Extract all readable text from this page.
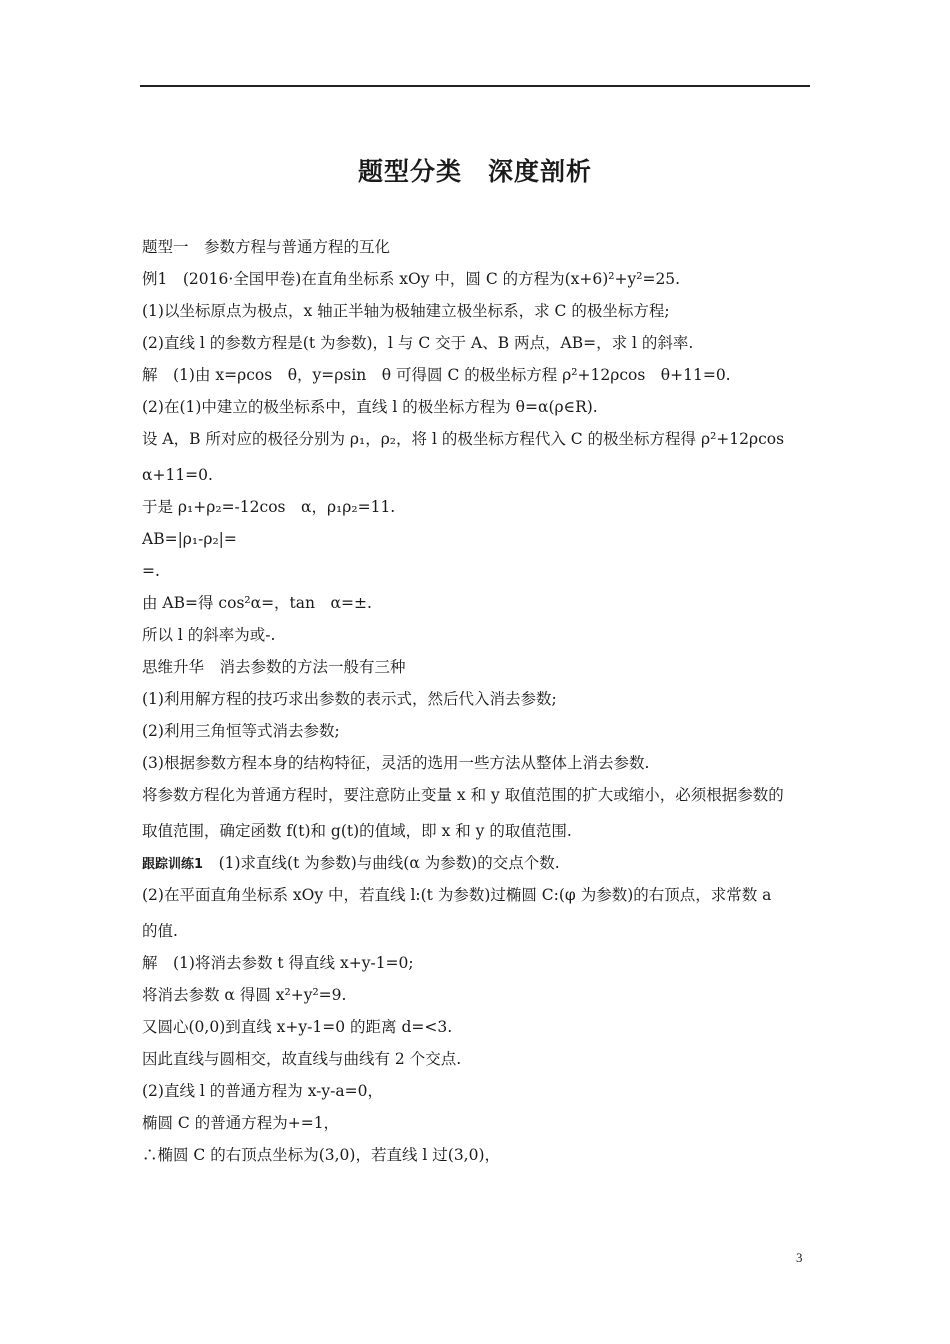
题型分类　深度剖析
题型一　参数方程与普通方程的互化
例1　(2016·全国甲卷)在直角坐标系 xOy 中，圆 C 的方程为(x+6)²+y²=25.
(1)以坐标原点为极点，x 轴正半轴为极轴建立极坐标系，求 C 的极坐标方程;
(2)直线 l 的参数方程是(t 为参数)，l 与 C 交于 A、B 两点，AB=，求 l 的斜率.
解　(1)由 x=ρcos　θ，y=ρsin　θ 可得圆 C 的极坐标方程 ρ²+12ρcos　θ+11=0.
(2)在(1)中建立的极坐标系中，直线 l 的极坐标方程为 θ=α(ρ∈R).
设 A，B 所对应的极径分别为 ρ₁，ρ₂，将 l 的极坐标方程代入 C 的极坐标方程得 ρ²+12ρcos
α+11=0.
于是 ρ₁+ρ₂=-12cos　α，ρ₁ρ₂=11.
AB=|ρ₁-ρ₂|=
=.
由 AB=得 cos²α=，tan　α=±.
所以 l 的斜率为或-.
思维升华　消去参数的方法一般有三种
(1)利用解方程的技巧求出参数的表示式，然后代入消去参数;
(2)利用三角恒等式消去参数;
(3)根据参数方程本身的结构特征，灵活的选用一些方法从整体上消去参数.
将参数方程化为普通方程时，要注意防止变量 x 和 y 取值范围的扩大或缩小，必须根据参数的
取值范围，确定函数 f(t)和 g(t)的值域，即 x 和 y 的取值范围.
跟踪训练1　 (1)求直线(t 为参数)与曲线(α 为参数)的交点个数.
(2)在平面直角坐标系 xOy 中，若直线 l:(t 为参数)过椭圆 C:(φ 为参数)的右顶点，求常数 a
的值.
解　(1)将消去参数 t 得直线 x+y-1=0;
将消去参数 α 得圆 x²+y²=9.
又圆心(0,0)到直线 x+y-1=0 的距离 d=<3.
因此直线与圆相交，故直线与曲线有 2 个交点.
(2)直线 l 的普通方程为 x-y-a=0，
椭圆 C 的普通方程为+=1，
∴椭圆 C 的右顶点坐标为(3,0)，若直线 l 过(3,0)，
3
